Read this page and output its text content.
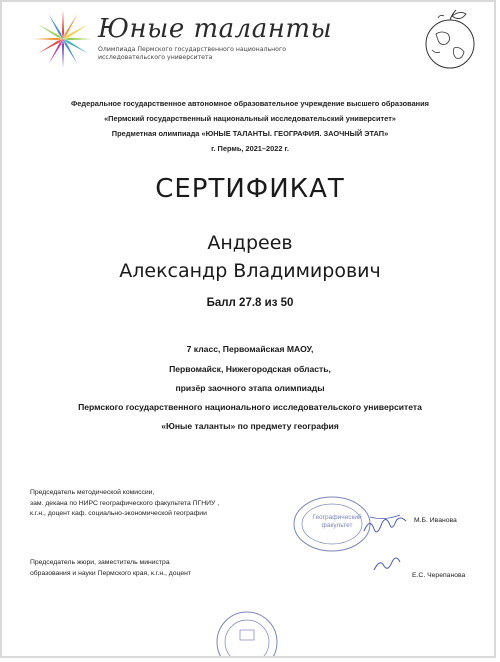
Юные таланты
Олимпиада Пермского государственного национального исследовательского университета
Федеральное государственное автономное образовательное учреждение высшего образования
«Пермский государственный национальный исследовательский университет»
Предметная олимпиада «ЮНЫЕ ТАЛАНТЫ. ГЕОГРАФИЯ. ЗАОЧНЫЙ ЭТАП»
г. Пермь, 2021–2022 г.
СЕРТИФИКАТ
Андреев
Александр Владимирович
Балл 27.8 из 50
7 класс, Первомайская МАОУ,
Первомайск, Нижегородская область,
призёр заочного этапа олимпиады
Пермского государственного национального исследовательского университета
«Юные таланты» по предмету география
Председатель методической комиссии,
зам. декана по НИРС географического факультета ПГНИУ ,
к.г.н., доцент каф. социально-экономической географии
М.Б. Иванова
Географический факультет
Председатель жюри, заместитель министра
образования и науки Пермского края, к.г.н., доцент	Е.С. Черепанова
